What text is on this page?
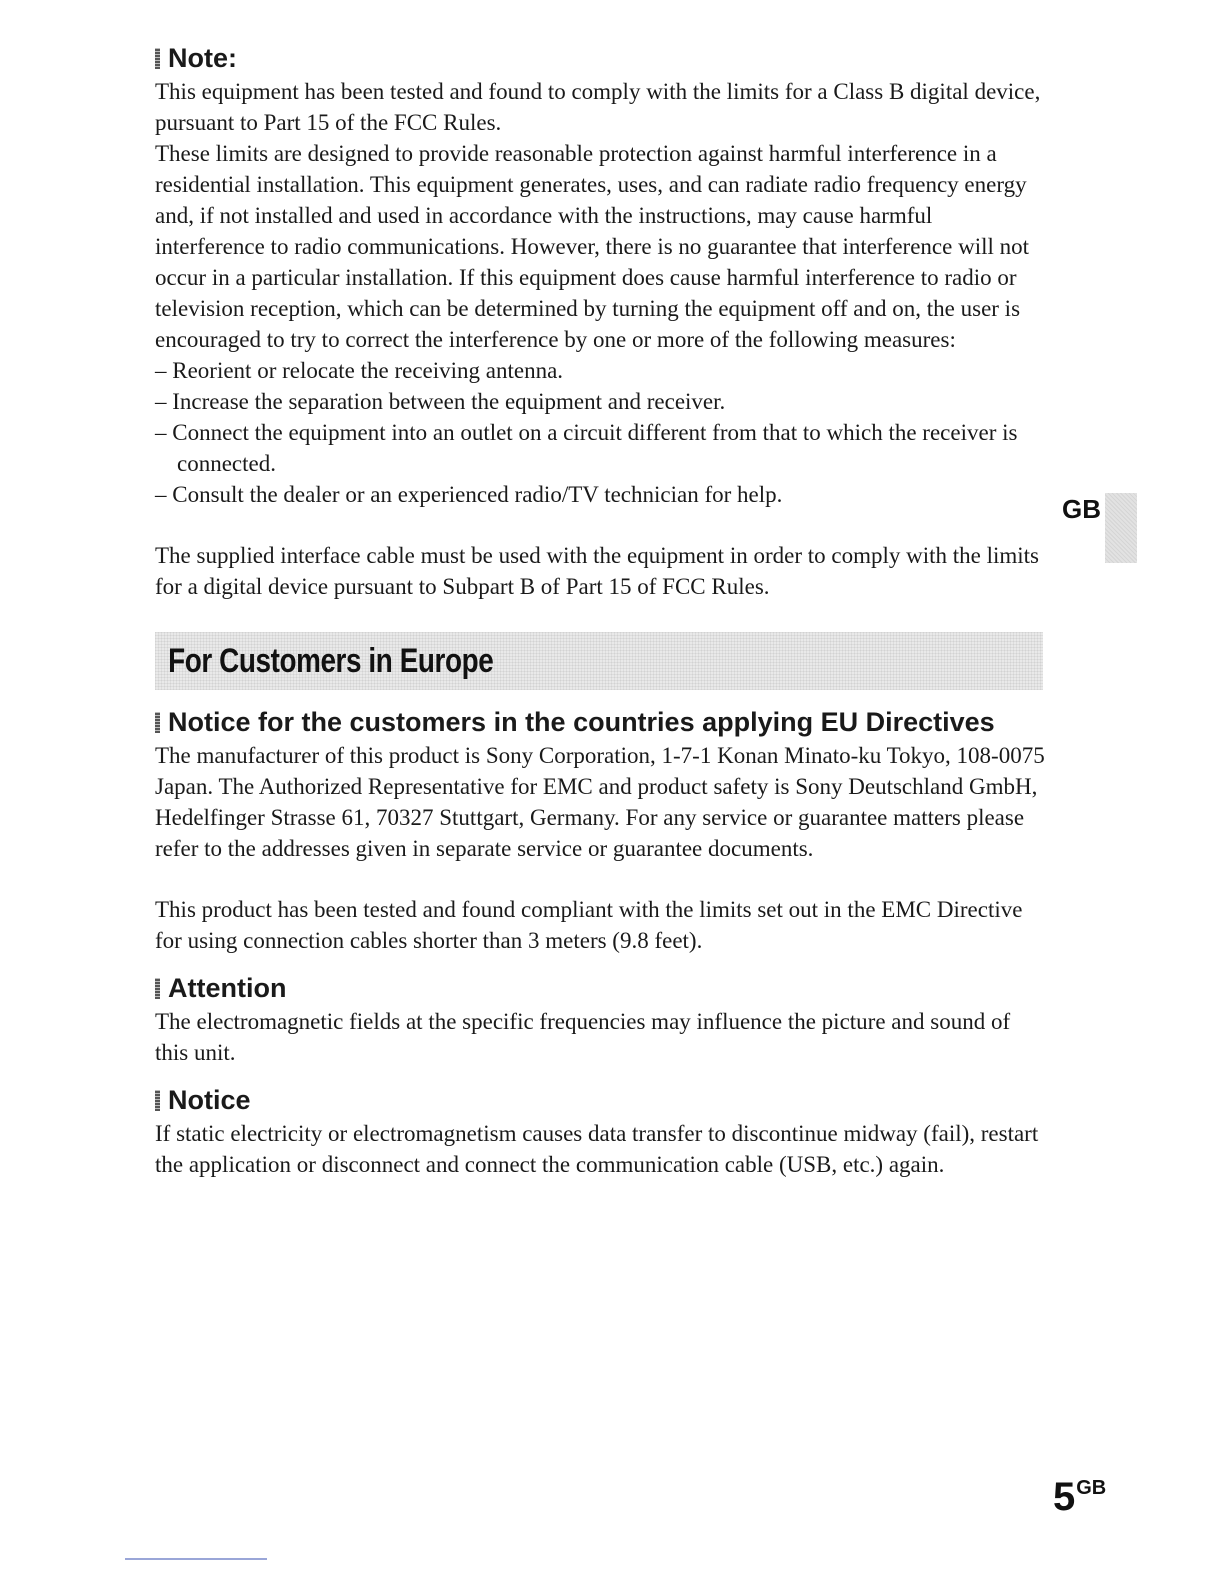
Note:

This equipment has been tested and found to comply with the limits for a Class B digital device, pursuant to Part 15 of the FCC Rules.

These limits are designed to provide reasonable protection against harmful interference in a residential installation. This equipment generates, uses, and can radiate radio frequency energy and, if not installed and used in accordance with the instructions, may cause harmful interference to radio communications. However, there is no guarantee that interference will not occur in a particular installation. If this equipment does cause harmful interference to radio or television reception, which can be determined by turning the equipment off and on, the user is encouraged to try to correct the interference by one or more of the following measures:

– Reorient or relocate the receiving antenna.
– Increase the separation between the equipment and receiver.
– Connect the equipment into an outlet on a circuit different from that to which the receiver is connected.
– Consult the dealer or an experienced radio/TV technician for help.

The supplied interface cable must be used with the equipment in order to comply with the limits for a digital device pursuant to Subpart B of Part 15 of FCC Rules.

For Customers in Europe
Notice for the customers in the countries applying EU Directives

The manufacturer of this product is Sony Corporation, 1-7-1 Konan Minato-ku Tokyo, 108-0075 Japan. The Authorized Representative for EMC and product safety is Sony Deutschland GmbH, Hedelfinger Strasse 61, 70327 Stuttgart, Germany. For any service or guarantee matters please refer to the addresses given in separate service or guarantee documents.

This product has been tested and found compliant with the limits set out in the EMC Directive for using connection cables shorter than 3 meters (9.8 feet).

Attention

The electromagnetic fields at the specific frequencies may influence the picture and sound of this unit.

Notice

If static electricity or electromagnetism causes data transfer to discontinue midway (fail), restart the application or disconnect and connect the communication cable (USB, etc.) again.

GB
5GB
